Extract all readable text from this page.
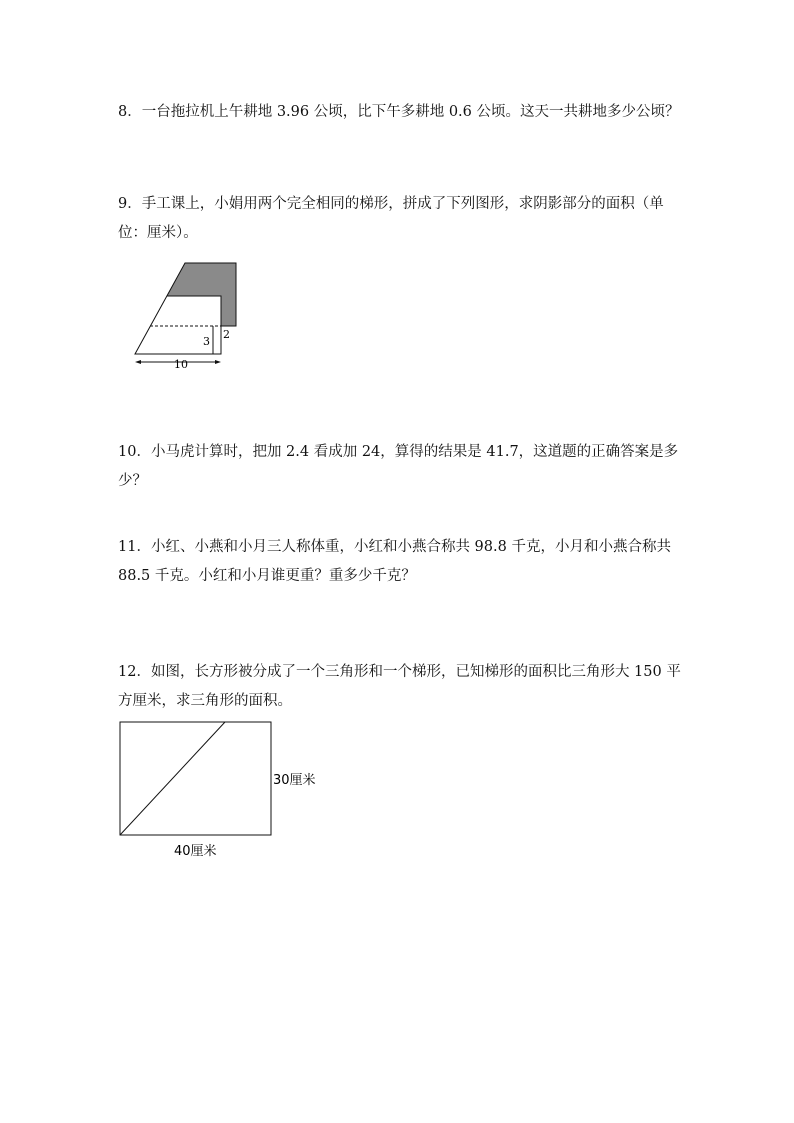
8．一台拖拉机上午耕地 3.96 公顷，比下午多耕地 0.6 公顷。这天一共耕地多少公顷？

9．手工课上，小娟用两个完全相同的梯形，拼成了下列图形，求阴影部分的面积（单位：厘米）。

3
2
10

10．小马虎计算时，把加 2.4 看成加 24，算得的结果是 41.7，这道题的正确答案是多少？

11．小红、小燕和小月三人称体重，小红和小燕合称共 98.8 千克，小月和小燕合称共 88.5 千克。小红和小月谁更重？重多少千克？

12．如图，长方形被分成了一个三角形和一个梯形，已知梯形的面积比三角形大 150 平方厘米，求三角形的面积。

30厘米
40厘米
